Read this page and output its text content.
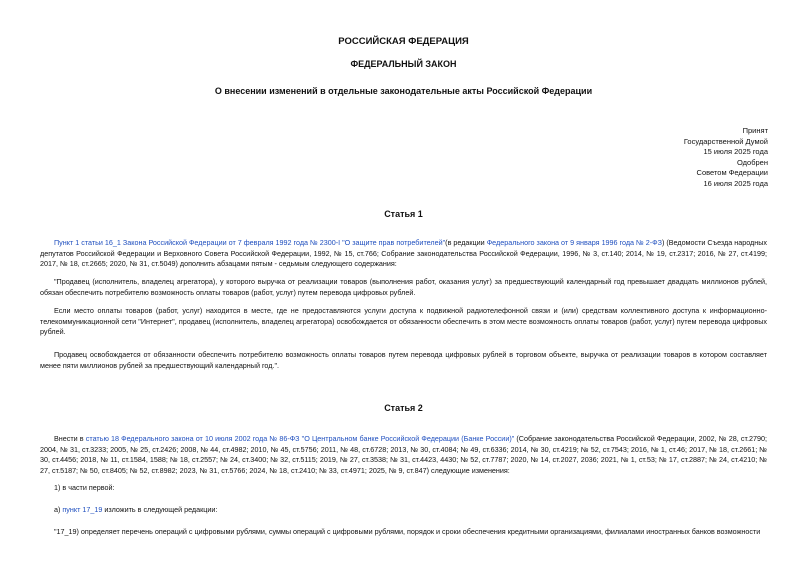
РОССИЙСКАЯ ФЕДЕРАЦИЯ
ФЕДЕРАЛЬНЫЙ ЗАКОН
О внесении изменений в отдельные законодательные акты Российской Федерации
Принят
Государственной Думой
15 июля 2025 года
Одобрен
Советом Федерации
16 июля 2025 года
Статья 1
Пункт 1 статьи 16_1 Закона Российской Федерации от 7 февраля 1992 года № 2300-I "О защите прав потребителей"(в редакции Федерального закона от 9 января 1996 года № 2-ФЗ) (Ведомости Съезда народных депутатов Российской Федерации и Верховного Совета Российской Федерации, 1992, № 15, ст.766; Собрание законодательства Российской Федерации, 1996, № 3, ст.140; 2014, № 19, ст.2317; 2016, № 27, ст.4199; 2017, № 18, ст.2665; 2020, № 31, ст.5049) дополнить абзацами пятым - седьмым следующего содержания:
"Продавец (исполнитель, владелец агрегатора), у которого выручка от реализации товаров (выполнения работ, оказания услуг) за предшествующий календарный год превышает двадцать миллионов рублей, обязан обеспечить потребителю возможность оплаты товаров (работ, услуг) путем перевода цифровых рублей.
Если место оплаты товаров (работ, услуг) находится в месте, где не предоставляются услуги доступа к подвижной радиотелефонной связи и (или) средствам коллективного доступа к информационно-телекоммуникационной сети "Интернет", продавец (исполнитель, владелец агрегатора) освобождается от обязанности обеспечить в этом месте возможность оплаты товаров (работ, услуг) путем перевода цифровых рублей.
Продавец освобождается от обязанности обеспечить потребителю возможность оплаты товаров путем перевода цифровых рублей в торговом объекте, выручка от реализации товаров в котором составляет менее пяти миллионов рублей за предшествующий календарный год.".
Статья 2
Внести в статью 18 Федерального закона от 10 июля 2002 года № 86-ФЗ "О Центральном банке Российской Федерации (Банке России)" (Собрание законодательства Российской Федерации, 2002, № 28, ст.2790; 2004, № 31, ст.3233; 2005, № 25, ст.2426; 2008, № 44, ст.4982; 2010, № 45, ст.5756; 2011, № 48, ст.6728; 2013, № 30, ст.4084; № 49, ст.6336; 2014, № 30, ст.4219; № 52, ст.7543; 2016, № 1, ст.46; 2017, № 18, ст.2661; № 30, ст.4456; 2018, № 11, ст.1584, 1588; № 18, ст.2557; № 24, ст.3400; № 32, ст.5115; 2019, № 27, ст.3538; № 31, ст.4423, 4430; № 52, ст.7787; 2020, № 14, ст.2027, 2036; 2021, № 1, ст.53; № 17, ст.2887; № 24, ст.4210; № 27, ст.5187; № 50, ст.8405; № 52, ст.8982; 2023, № 31, ст.5766; 2024, № 18, ст.2410; № 33, ст.4971; 2025, № 9, ст.847) следующие изменения:
1) в части первой:
а) пункт 17_19 изложить в следующей редакции:
"17_19) определяет перечень операций с цифровыми рублями, суммы операций с цифровыми рублями, порядок и сроки обеспечения кредитными организациями, филиалами иностранных банков возможности
